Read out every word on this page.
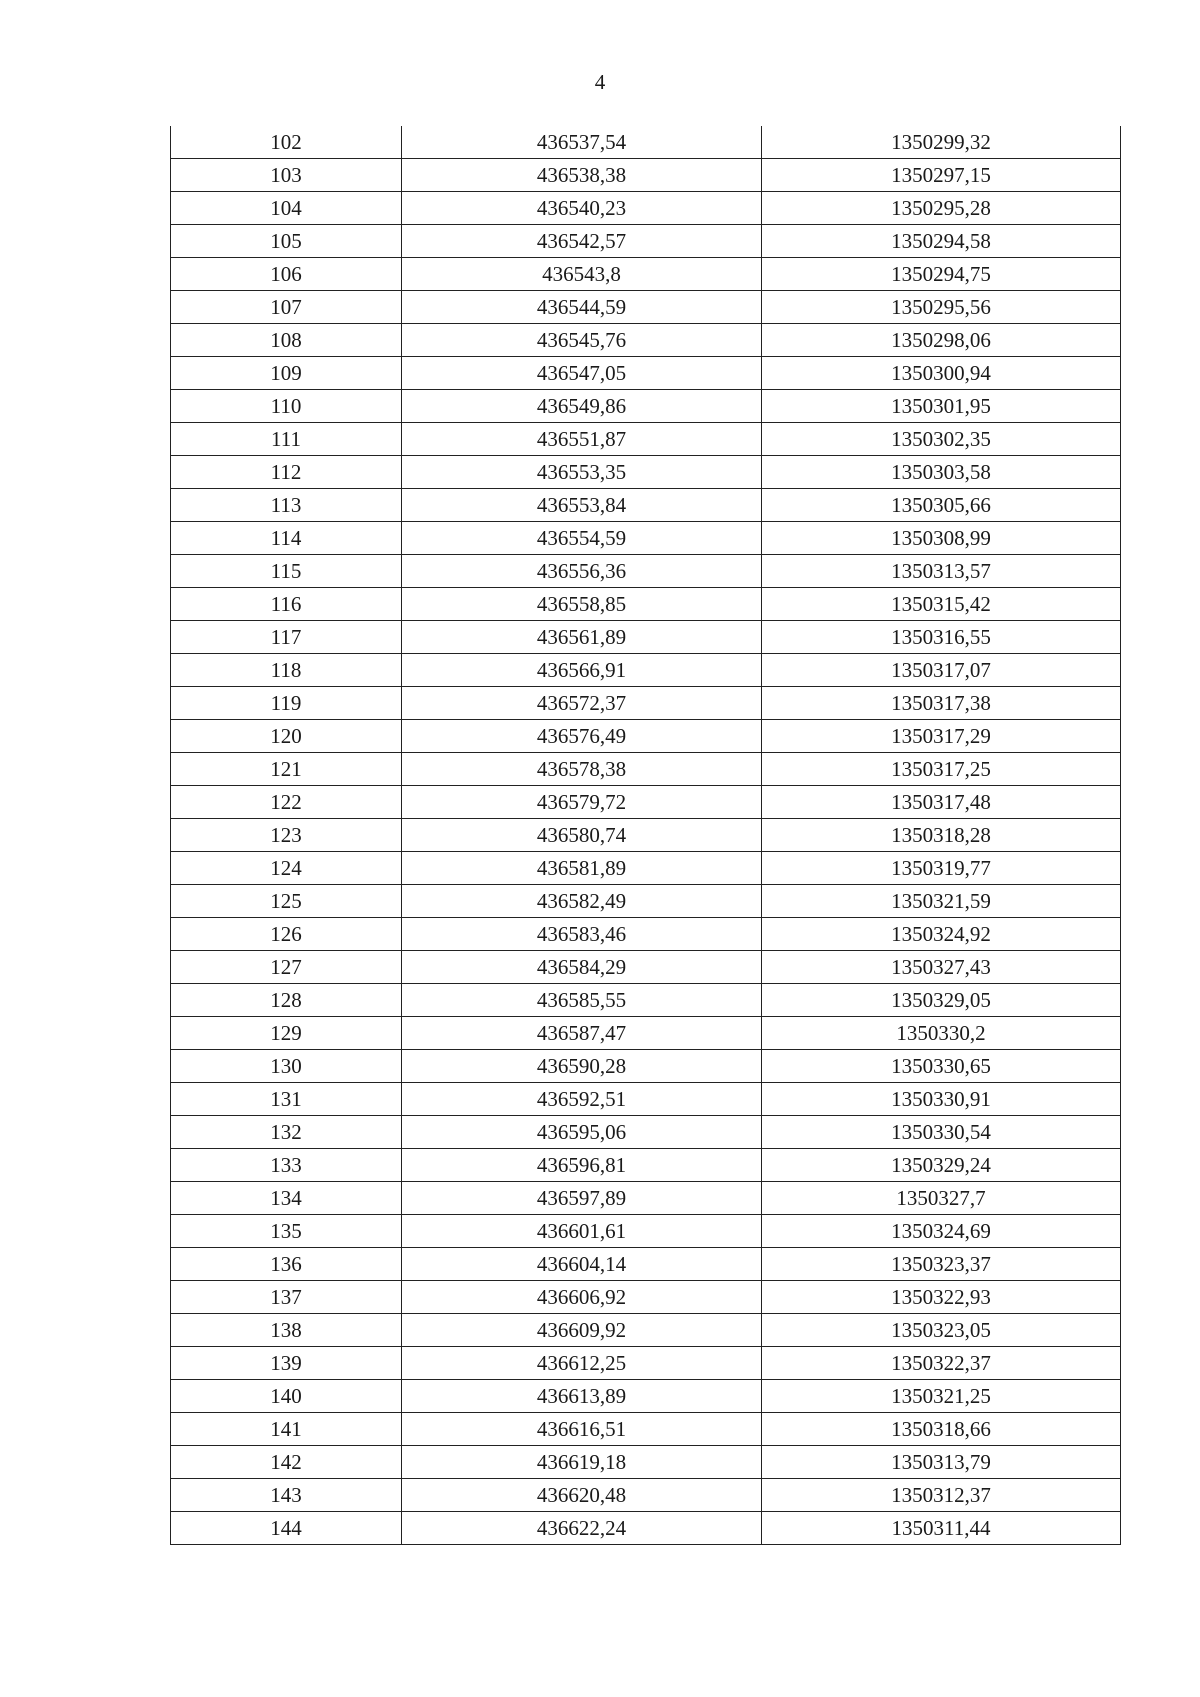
4
102	436537,54	1350299,32
103	436538,38	1350297,15
104	436540,23	1350295,28
105	436542,57	1350294,58
106	436543,8	1350294,75
107	436544,59	1350295,56
108	436545,76	1350298,06
109	436547,05	1350300,94
110	436549,86	1350301,95
111	436551,87	1350302,35
112	436553,35	1350303,58
113	436553,84	1350305,66
114	436554,59	1350308,99
115	436556,36	1350313,57
116	436558,85	1350315,42
117	436561,89	1350316,55
118	436566,91	1350317,07
119	436572,37	1350317,38
120	436576,49	1350317,29
121	436578,38	1350317,25
122	436579,72	1350317,48
123	436580,74	1350318,28
124	436581,89	1350319,77
125	436582,49	1350321,59
126	436583,46	1350324,92
127	436584,29	1350327,43
128	436585,55	1350329,05
129	436587,47	1350330,2
130	436590,28	1350330,65
131	436592,51	1350330,91
132	436595,06	1350330,54
133	436596,81	1350329,24
134	436597,89	1350327,7
135	436601,61	1350324,69
136	436604,14	1350323,37
137	436606,92	1350322,93
138	436609,92	1350323,05
139	436612,25	1350322,37
140	436613,89	1350321,25
141	436616,51	1350318,66
142	436619,18	1350313,79
143	436620,48	1350312,37
144	436622,24	1350311,44
